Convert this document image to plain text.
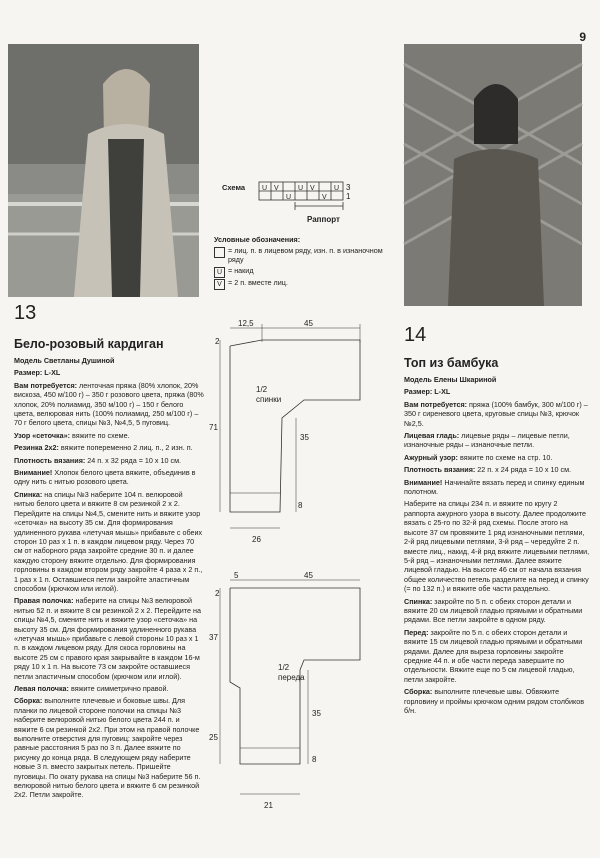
9
13
Бело-розовый кардиган

Модель Светланы Душиной

Размер: L-XL

Вам потребуется: ленточная пряжа (80% хлопок, 20% вискоза, 450 м/100 г) – 350 г розового цвета, пряжа (80% хлопок, 20% полиамид, 350 м/100 г) – 150 г белого цвета, велюровая нить (100% полиамид, 250 м/100 г) – 70 г белого цвета, спицы №3, №4,5, 5 пуговиц.

Узор «сеточка»: вяжите по схеме.

Резинка 2х2: вяжите попеременно 2 лиц. п., 2 изн. п.

Плотность вязания: 24 п. х 32 ряда = 10 х 10 см.

Внимание! Хлопок белого цвета вяжите, объединив в одну нить с нитью розового цвета.

Спинка: на спицы №3 наберите 104 п. велюровой нитью белого цвета и вяжите 8 см резинкой 2 х 2. Перейдите на спицы №4,5, смените нить и вяжите узор «сеточка» на высоту 35 см. Для формирования удлиненного рукава «летучая мышь» прибавьте с обеих сторон 10 раз х 1 п. в каждом лицевом ряду. Через 70 см от наборного ряда закройте средние 30 п. и далее каждую сторону вяжите отдельно. Для формирования горловины в каждом втором ряду закройте 4 раза х 2 п., 1 раз х 1 п. Оставшиеся петли закройте эластичным способом (крючком или иглой).

Правая полочка: наберите на спицы №3 велюровой нитью 52 п. и вяжите 8 см резинкой 2 х 2. Перейдите на спицы №4,5, смените нить и вяжите узор «сеточка» на высоту 35 см. Для формирования удлиненного рукава «летучая мышь» прибавьте с левой стороны 10 раз х 1 п. в каждом лицевом ряду. Для скоса горловины на высоте 25 см с правого края закрывайте в каждом 16-м ряду 10 х 1 п. На высоте 73 см закройте оставшиеся петли эластичным способом (крючком или иглой).

Левая полочка: вяжите симметрично правой.

Сборка: выполните плечевые и боковые швы. Для планки по лицевой стороне полочки на спицы №3 наберите велюровой нитью белого цвета 244 п. и вяжите 6 см резинкой 2х2. При этом на правой полочке выполните отверстия для пуговиц: закройте через равные расстояния 5 раз по 3 п. Далее вяжите по рисунку до конца ряда. В следующем ряду наберите новые 3 п. вместо закрытых петель. Пришейте пуговицы. По окату рукава на спицы №3 наберите 56 п. велюровой нитью белого цвета и вяжите 6 см резинкой 2х2. Петли закройте.

Схема U V	U V	U
U	V
3
1
Раппорт

Условные обозначения:

= лиц. п. в лицевом ряду, изн. п. в изнаночном ряду

U = накид

V = 2 п. вместе лиц.

12,5	45
2
71
1/2
спинки
35
8
26
5	45
2
37
1/2
переда
25
35
8
21
14
Топ из бамбука

Модель Елены Шкариной

Размер: L-XL

Вам потребуется: пряжа (100% бамбук, 300 м/100 г) – 350 г сиреневого цвета, круговые спицы №3, крючок №2,5.

Лицевая гладь: лицевые ряды – лицевые петли, изнаночные ряды – изнаночные петли.

Ажурный узор: вяжите по схеме на стр. 10.

Плотность вязания: 22 п. х 24 ряда = 10 х 10 см.

Внимание! Начинайте вязать перед и спинку единым полотном.

Наберите на спицы 234 п. и вяжите по кругу 2 раппорта ажурного узора в высоту. Далее продолжите вязать с 25-го по 32-й ряд схемы. После этого на высоте 37 см провяжите 1 ряд изнаночными петлями, 2-й ряд лицевыми петлями, 3-й ряд – чередуйте 2 п. вместе лиц., накид, 4-й ряд вяжите лицевыми петлями, 5-й ряд – изнаночными петлями. Далее вяжите лицевой гладью. На высоте 46 см от начала вязания общее количество петель разделите на перед и спинку (= по 132 п.) и вяжите обе части раздельно.

Спинка: закройте по 5 п. с обеих сторон детали и вяжите 20 см лицевой гладью прямыми и обратными рядами. Все петли закройте в одном ряду.

Перед: закройте по 5 п. с обеих сторон детали и вяжите 15 см лицевой гладью прямыми и обратными рядами. Далее для выреза горловины закройте средние 44 п. и обе части переда завершите по отдельности. Вяжите еще по 5 см лицевой гладью, петли закройте.

Сборка: выполните плечевые швы. Обвяжите горловину и проймы крючком одним рядом столбиков б/н.
